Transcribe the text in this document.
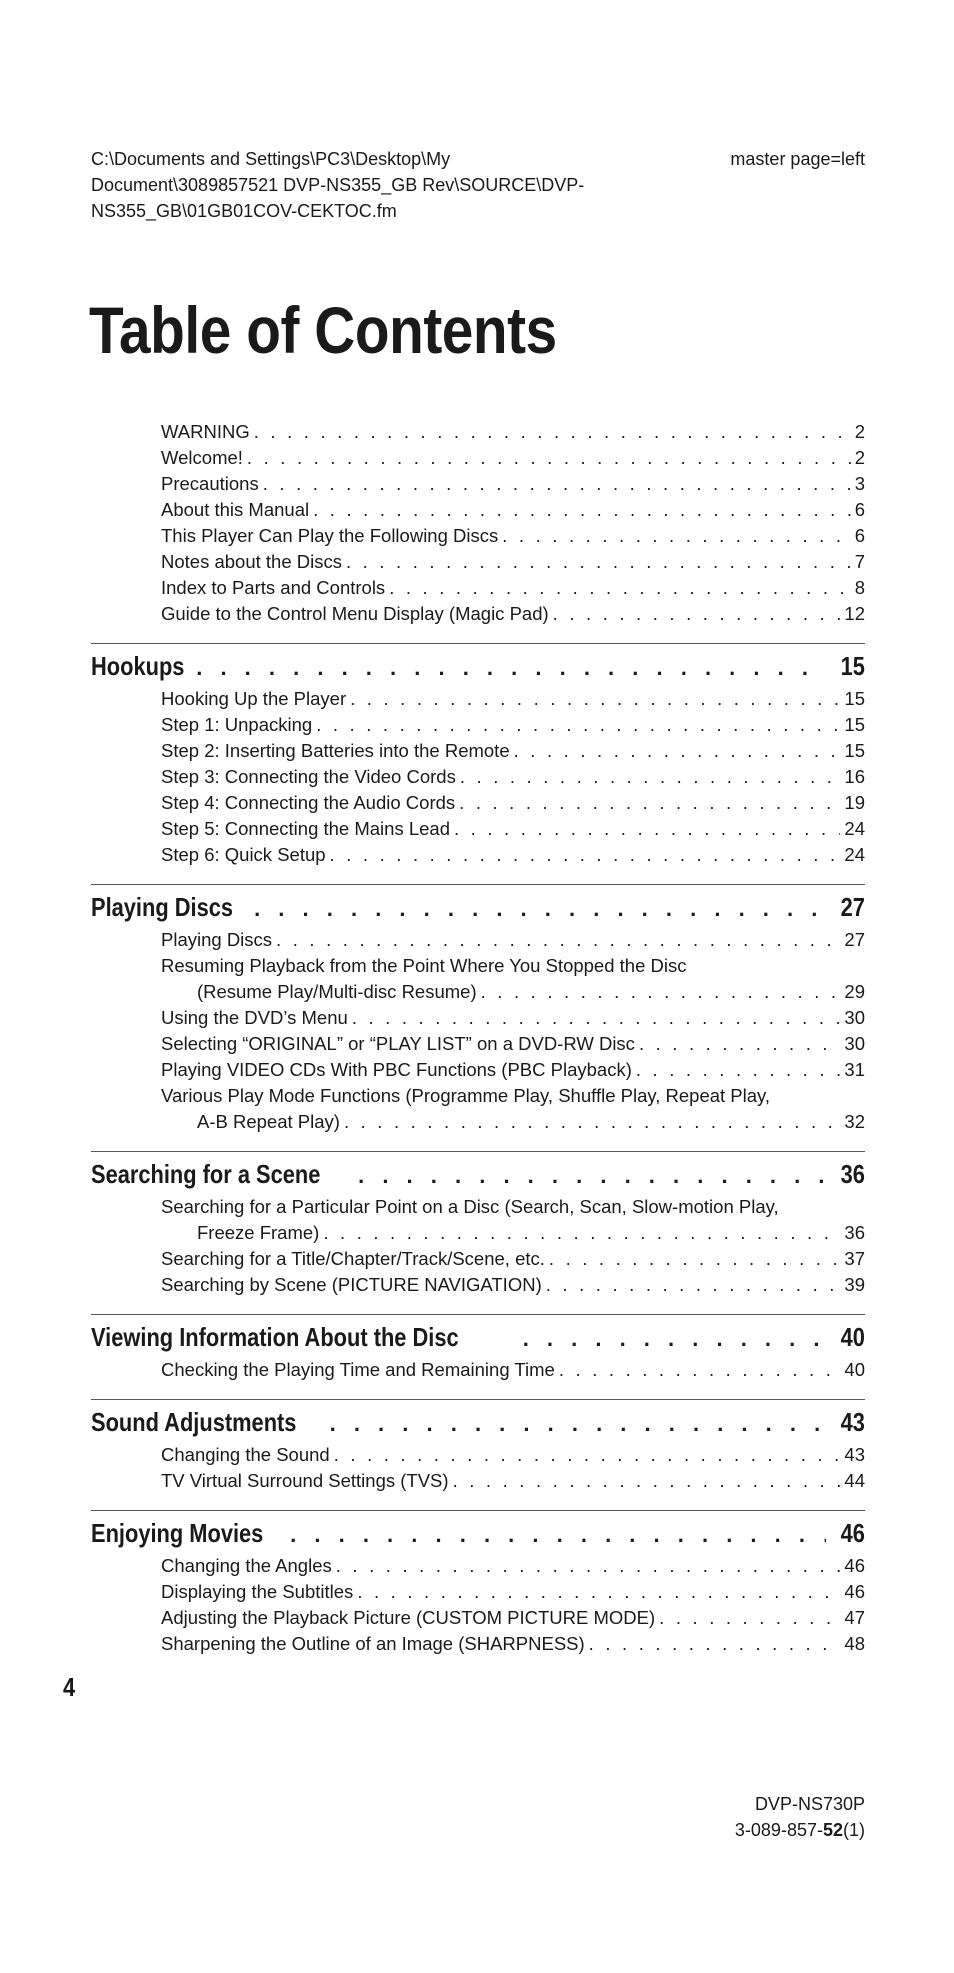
C:\Documents and Settings\PC3\Desktop\My
Document\3089857521 DVP-NS355_GB Rev\SOURCE\DVP-
NS355_GB\01GB01COV-CEKTOC.fm
master page=left
Table of Contents
WARNING . . .	2
Welcome! . . .	2
Precautions . . .	3
About this Manual . . .	6
This Player Can Play the Following Discs . . .	6
Notes about the Discs . . .	7
Index to Parts and Controls . . .	8
Guide to the Control Menu Display (Magic Pad) . . .	12
Hookups . . .	15
Hooking Up the Player . . .	15
Step 1: Unpacking . . .	15
Step 2: Inserting Batteries into the Remote . . .	15
Step 3: Connecting the Video Cords . . .	16
Step 4: Connecting the Audio Cords . . .	19
Step 5: Connecting the Mains Lead . . .	24
Step 6: Quick Setup . . .	24
Playing Discs . . .	27
Playing Discs . . .	27
Resuming Playback from the Point Where You Stopped the Disc
(Resume Play/Multi-disc Resume) . . .	29
Using the DVD’s Menu . . .	30
Selecting “ORIGINAL” or “PLAY LIST” on a DVD-RW Disc . . .	30
Playing VIDEO CDs With PBC Functions (PBC Playback) . . .	31
Various Play Mode Functions (Programme Play, Shuffle Play, Repeat Play,
A-B Repeat Play) . . .	32
Searching for a Scene . . .	36
Searching for a Particular Point on a Disc (Search, Scan, Slow-motion Play,
Freeze Frame) . . .	36
Searching for a Title/Chapter/Track/Scene, etc. . . .	37
Searching by Scene (PICTURE NAVIGATION) . . .	39
Viewing Information About the Disc . . .	40
Checking the Playing Time and Remaining Time . . .	40
Sound Adjustments . . .	43
Changing the Sound . . .	43
TV Virtual Surround Settings (TVS) . . .	44
Enjoying Movies . . .	46
Changing the Angles . . .	46
Displaying the Subtitles . . .	46
Adjusting the Playback Picture (CUSTOM PICTURE MODE) . . .	47
Sharpening the Outline of an Image (SHARPNESS) . . .	48
4
DVP-NS730P
3-089-857-52(1)
